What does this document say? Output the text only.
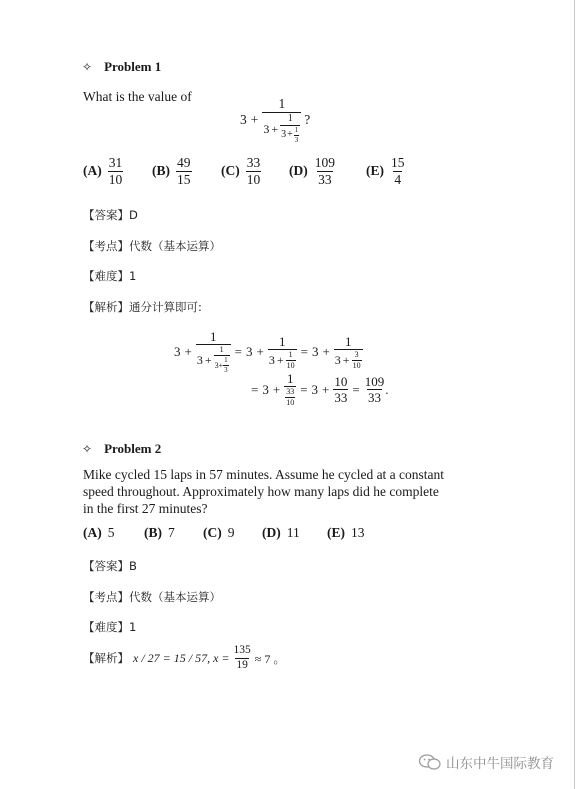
✧ Problem 1
What is the value of
3 +
1
$3 + \frac{1}{3 + \frac{1}{3}}$ ?
$(A) \frac{31}{10} (B) \frac{49}{15} (C) \frac{33}{10} (D) \frac{109}{33} (E) \frac{15}{4}$
【答案】D
【考点】代数（基本运算）
【难度】1
【解析】通分计算即可:
3 +
1
$3 + \frac{1}{3 + \frac{1}{3}} = 3 + \frac{1}{3 + \frac{1}{10}} = 3 + \frac{1}{3 + \frac{3}{10}}$
= $3 + \frac{1}{\frac{33}{10}} = 3 + \frac{10}{33} = \frac{109}{33}$ .
✧ Problem 2
Mike cycled 15 laps in 57 minutes. Assume he cycled at a constant
speed throughout. Approximately how many laps did he complete
in the first 27 minutes?
(A) 5 (B) 7 (C) 9 (D) 11 (E) 13
【答案】B
【考点】代数（基本运算）
【难度】1
【解析】 x / 27 = 15 / 57, $x = \frac{135}{19} \approx 7$ 。
山东中牛国际教育
